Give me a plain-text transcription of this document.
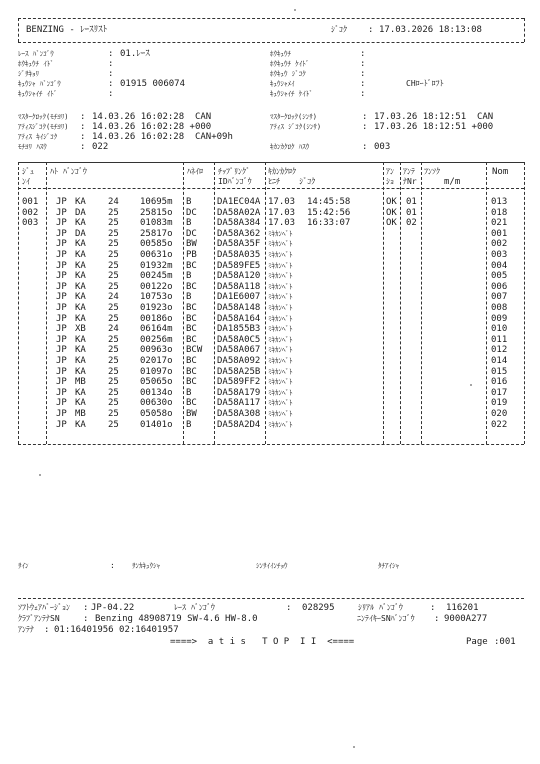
BENZING - ﾚｰｽﾘｽﾄ	ｼﾞｺｸ : 17.03.2026 18:13:08
ﾚｰｽ ﾊﾞﾝｺﾞｳ	: 01.ﾚｰｽ
ﾎｳｷｭｳﾁ ｲﾄﾞ	:
ｼﾞｻｷｮﾘ	:
ｷｭｳｼｬ ﾊﾞﾝｺﾞｳ	: 01915 006074
ｷｭｳｼｬｲﾁ ｲﾄﾞ	:
ﾎｳｷｭｳﾁ	:
ﾎｳｷｭｳﾁ ｹｲﾄﾞ	:
ﾎｳｷｭｳ ｼﾞｺｸ	:
ｷｭｳｼｬﾒｲ	:	CHﾛｰﾄﾞﾛﾌﾄ
ｷｭｳｼｬｲﾁ ｹｲﾄﾞ	:
ﾏｽﾀｰｸﾛｯｸ(ﾓﾁﾖﾘ) : 14.03.26 16:02:28  CAN	ﾏｽﾀｰｸﾛｯｸ(ｼﾝｻ)	: 17.03.26 18:12:51  CAN
ｱﾃｨｽｼﾞｺｸ(ﾓﾁﾖﾘ) : 14.03.26 16:02:28 +000	ｱﾃｨｽ ｼﾞｺｸ(ｼﾝｻ)	: 17.03.26 18:12:51 +000
ｱﾃｨｽ ｷｲｼﾞｺｸ	: 14.03.26 16:02:28  CAN+09h
ﾓﾁﾖﾘ ﾊｽｳ	: 022	ｷｶﾝｶｸﾛｸ ﾊｽｳ	: 003
ｼﾞｭ
ﾝｲ
ﾊﾄ ﾊﾞﾝｺﾞｳ	ﾊﾈｲﾛ ﾁｯﾌﾟﾘﾝｸﾞ
IDﾊﾞﾝｺﾞｳ
ｷｶﾝｶｸﾛｸ
ﾋﾆﾁ    ｼﾞｺｸ
ｱﾝ
ｼｮ
ｱﾝﾃ
ﾅNr
ﾌﾝｿｸ
m/m
Nom
001 JP KA 24 10695m B	DA1EC04A 17.03 14:45:58	OK 01	013
002 JP DA 25 25815o DC DA58A02A 17.03 15:42:56	OK 01	018
003 JP KA 25 01083m B	DA58A384 17.03 16:33:07	OK 02	021
JP DA 25 25817o DC DA58A362 ﾐｷｶﾝﾍﾞﾄ	001
JP KA 25 00585o BW DA58A35F ﾐｷｶﾝﾍﾞﾄ	002
JP KA 25 00631o PB DA58A035 ﾐｷｶﾝﾍﾞﾄ	003
JP KA 25 01932m BC DA589FE5 ﾐｷｶﾝﾍﾞﾄ	004
JP KA 25 00245m B	DA58A120 ﾐｷｶﾝﾍﾞﾄ	005
JP KA 25 00122o BC DA58A118 ﾐｷｶﾝﾍﾞﾄ	006
JP KA 24 10753o B	DA1E6007 ﾐｷｶﾝﾍﾞﾄ	007
JP KA 25 01923o BC DA58A148 ﾐｷｶﾝﾍﾞﾄ	008
JP KA 25 00186o BC DA58A164 ﾐｷｶﾝﾍﾞﾄ	009
JP XB 24 06164m BC DA1855B3 ﾐｷｶﾝﾍﾞﾄ	010
JP KA 25 00256m BC DA58A0C5 ﾐｷｶﾝﾍﾞﾄ	011
JP KA 25 00963o BCW DA58A067 ﾐｷｶﾝﾍﾞﾄ	012
JP KA 25 02017o BC DA58A092 ﾐｷｶﾝﾍﾞﾄ	014
JP KA 25 01097o BC DA58A25B ﾐｷｶﾝﾍﾞﾄ	015
JP MB 25 05065o BC DA589FF2 ﾐｷｶﾝﾍﾞﾄ	016
JP KA 25 00134o B	DA58A179 ﾐｷｶﾝﾍﾞﾄ	017
JP KA 25 00630o BC DA58A117 ﾐｷｶﾝﾍﾞﾄ	019
JP MB 25 05058o BW DA58A308 ﾐｷｶﾝﾍﾞﾄ	020
JP KA 25 01401o B	DA58A2D4 ﾐｷｶﾝﾍﾞﾄ	022
ｻｲﾝ	: ｻﾝｶｷｭｳｼｬ	ｼﾝｻｲｲﾝﾁｮｳ	ﾀﾁｱｲｼｬ
ｿﾌﾄｳｪｱﾊﾞｰｼﾞｮﾝ : JP-04.22	ﾚｰｽ ﾊﾞﾝｺﾞｳ	: 028295	ｼﾘｱﾙ ﾊﾞﾝｺﾞｳ	: 116201
ｸﾗﾌﾞｱﾝﾃﾅSN	: Benzing 48908719 SW-4.6 HW-8.0	ﾆﾝﾃｲｷｰSNﾊﾞﾝｺﾞｳ : 9000A277
ｱﾝﾃﾅ : 01:16401956 02:16401957
====>  a t i s   T O P  I I  <====	Page :001
